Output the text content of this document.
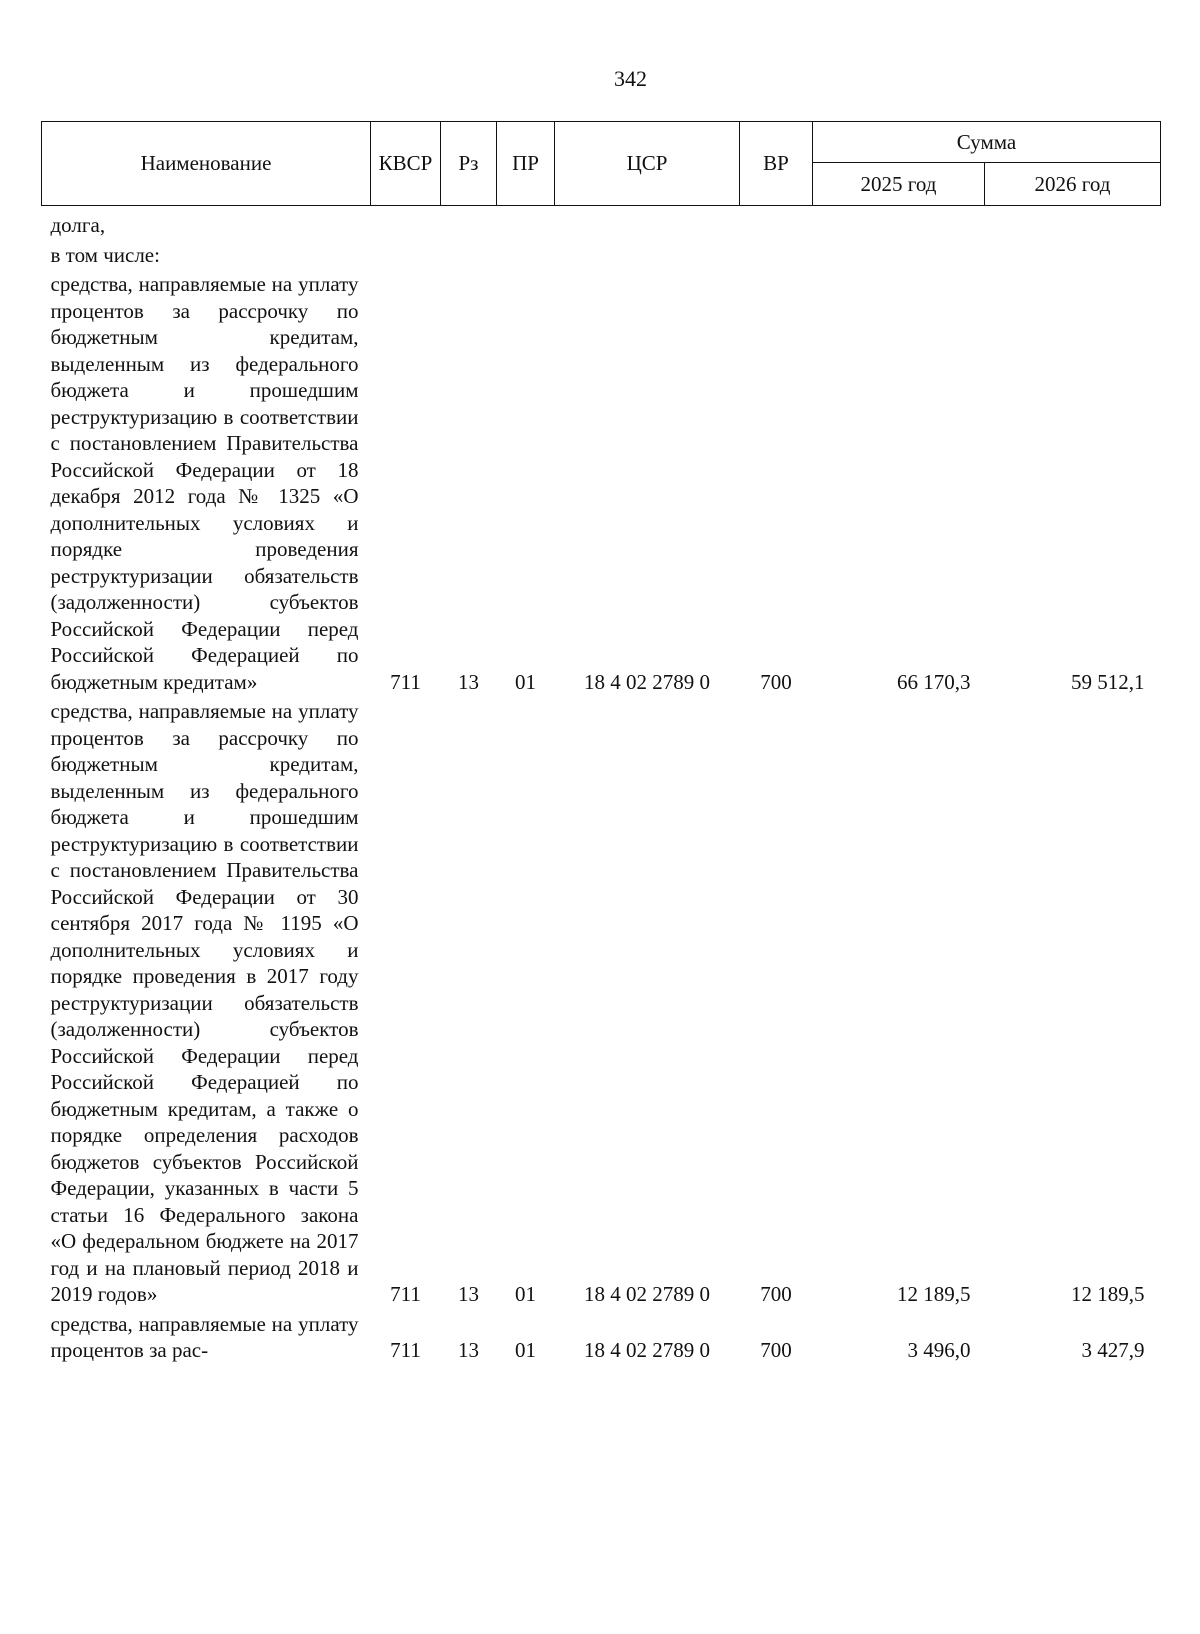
342
Наименование	КВСР	Рз	ПР	ЦСР	ВР	Сумма	
						2025 год	2026 год
долга,							
в том числе:							
средства, направляемые на уплату процентов за рассрочку по бюджетным кредитам, выделенным из федерального бюджета и прошедшим реструктуризацию в соответствии с постановлением Правительства Российской Федерации от 18 декабря 2012 года № 1325 «О дополнительных условиях и порядке проведения реструктуризации обязательств (задолженности) субъектов Российской Федерации перед Российской Федерацией по бюджетным кредитам»	711	13	01	18 4 02 2789 0	700	66 170,3	59 512,1
средства, направляемые на уплату процентов за рассрочку по бюджетным кредитам, выделенным из федерального бюджета и прошедшим реструктуризацию в соответствии с постановлением Правительства Российской Федерации от 30 сентября 2017 года № 1195 «О дополнительных условиях и порядке проведения в 2017 году реструктуризации обязательств (задолженности) субъектов Российской Федерации перед Российской Федерацией по бюджетным кредитам, а также о порядке определения расходов бюджетов субъектов Российской Федерации, указанных в части 5 статьи 16 Федерального закона «О федеральном бюджете на 2017 год и на плановый период 2018 и 2019 годов»	711	13	01	18 4 02 2789 0	700	12 189,5	12 189,5
средства, направляемые на уплату процентов за рас-	711	13	01	18 4 02 2789 0	700	3 496,0	3 427,9
